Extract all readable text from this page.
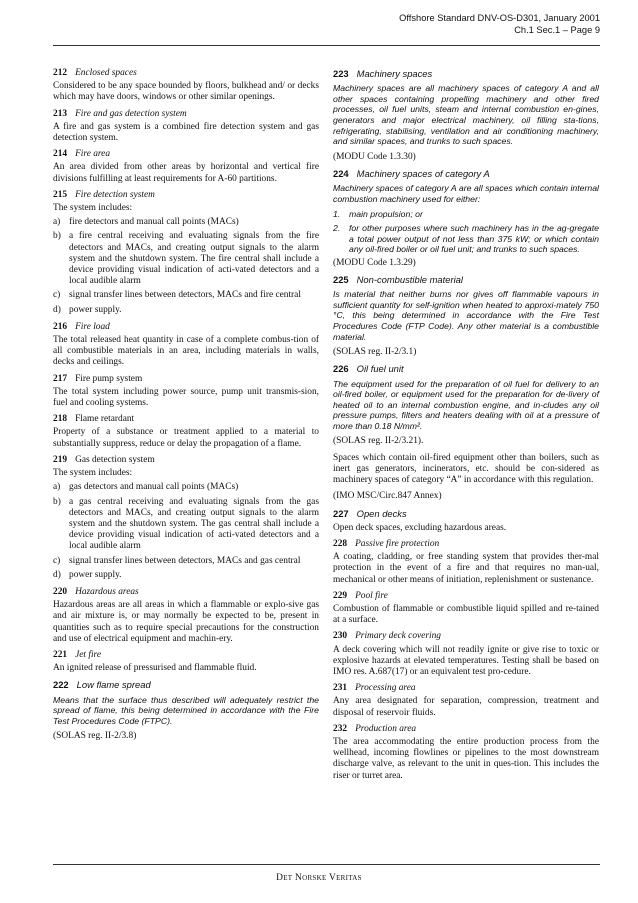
Offshore Standard DNV-OS-D301, January 2001
Ch.1 Sec.1 – Page 9
212 Enclosed spaces

Considered to be any space bounded by floors, bulkhead and/ or decks which may have doors, windows or other similar openings.

213 Fire and gas detection system

A fire and gas system is a combined fire detection system and gas detection system.

214 Fire area

An area divided from other areas by horizontal and vertical fire divisions fulfilling at least requirements for A-60 partitions.

215 Fire detection system

The system includes:

a) fire detectors and manual call points (MACs)
b) a fire central receiving and evaluating signals from the fire detectors and MACs, and creating output signals to the alarm system and the shutdown system. The fire central shall include a device providing visual indication of acti-vated detectors and a local audible alarm
c) signal transfer lines between detectors, MACs and fire central
d) power supply.
216 Fire load

The total released heat quantity in case of a complete combus-tion of all combustible materials in an area, including materials in walls, decks and ceilings.

217 Fire pump system

The total system including power source, pump unit transmis-sion, fuel and cooling systems.

218 Flame retardant

Property of a substance or treatment applied to a material to substantially suppress, reduce or delay the propagation of a flame.

219 Gas detection system

The system includes:

a) gas detectors and manual call points (MACs)
b) a gas central receiving and evaluating signals from the gas detectors and MACs, and creating output signals to the alarm system and the shutdown system. The gas central shall include a device providing visual indication of acti-vated detectors and a local audible alarm
c) signal transfer lines between detectors, MACs and gas central
d) power supply.
220 Hazardous areas

Hazardous areas are all areas in which a flammable or explo-sive gas and air mixture is, or may normally be expected to be, present in quantities such as to require special precautions for the construction and use of electrical equipment and machin-ery.

221 Jet fire

An ignited release of pressurised and flammable fluid.

222 Low flame spread

Means that the surface thus described will adequately restrict the spread of flame, this being determined in accordance with the Fire Test Procedures Code (FTPC).

(SOLAS reg. II-2/3.8)

223 Machinery spaces

Machinery spaces are all machinery spaces of category A and all other spaces containing propelling machinery and other fired processes, oil fuel units, steam and internal combustion en-gines, generators and major electrical machinery, oil filling sta-tions, refrigerating, stabilising, ventilation and air conditioning machinery, and similar spaces, and trunks to such spaces.

(MODU Code 1.3.30)

224 Machinery spaces of category A

Machinery spaces of category A are all spaces which contain internal combustion machinery used for either:

1.	main propulsion; or
2.	for other purposes where such machinery has in the ag-gregate a total power output of not less than 375 kW; or which contain any oil-fired boiler or oil fuel unit; and trunks to such spaces.

(MODU Code 1.3.29)

225 Non-combustible material

Is material that neither burns nor gives off flammable vapours in sufficient quantity for self-ignition when heated to approxi-mately 750 °C, this being determined in accordance with the Fire Test Procedures Code (FTP Code). Any other material is a combustible material.

(SOLAS reg. II-2/3.1)

226 Oil fuel unit

The equipment used for the preparation of oil fuel for delivery to an oil-fired boiler, or equipment used for the preparation for de-livery of heated oil to an internal combustion engine, and in-cludes any oil pressure pumps, filters and heaters dealing with oil at a pressure of more than 0.18 N/mm².

(SOLAS reg. II-2/3.21).

Spaces which contain oil-fired equipment other than boilers, such as inert gas generators, incinerators, etc. should be con-sidered as machinery spaces of category “A” in accordance with this regulation.

(IMO MSC/Circ.847 Annex)

227 Open decks

Open deck spaces, excluding hazardous areas.

228 Passive fire protection

A coating, cladding, or free standing system that provides ther-mal protection in the event of a fire and that requires no man-ual, mechanical or other means of initiation, replenishment or sustenance.

229 Pool fire

Combustion of flammable or combustible liquid spilled and re-tained at a surface.

230 Primary deck covering

A deck covering which will not readily ignite or give rise to toxic or explosive hazards at elevated temperatures. Testing shall be based on IMO res. A.687(17) or an equivalent test pro-cedure.

231 Processing area

Any area designated for separation, compression, treatment and disposal of reservoir fluids.

232 Production area

The area accommodating the entire production process from the wellhead, incoming flowlines or pipelines to the most downstream discharge valve, as relevant to the unit in ques-tion. This includes the riser or turret area.

Det Norske Veritas
